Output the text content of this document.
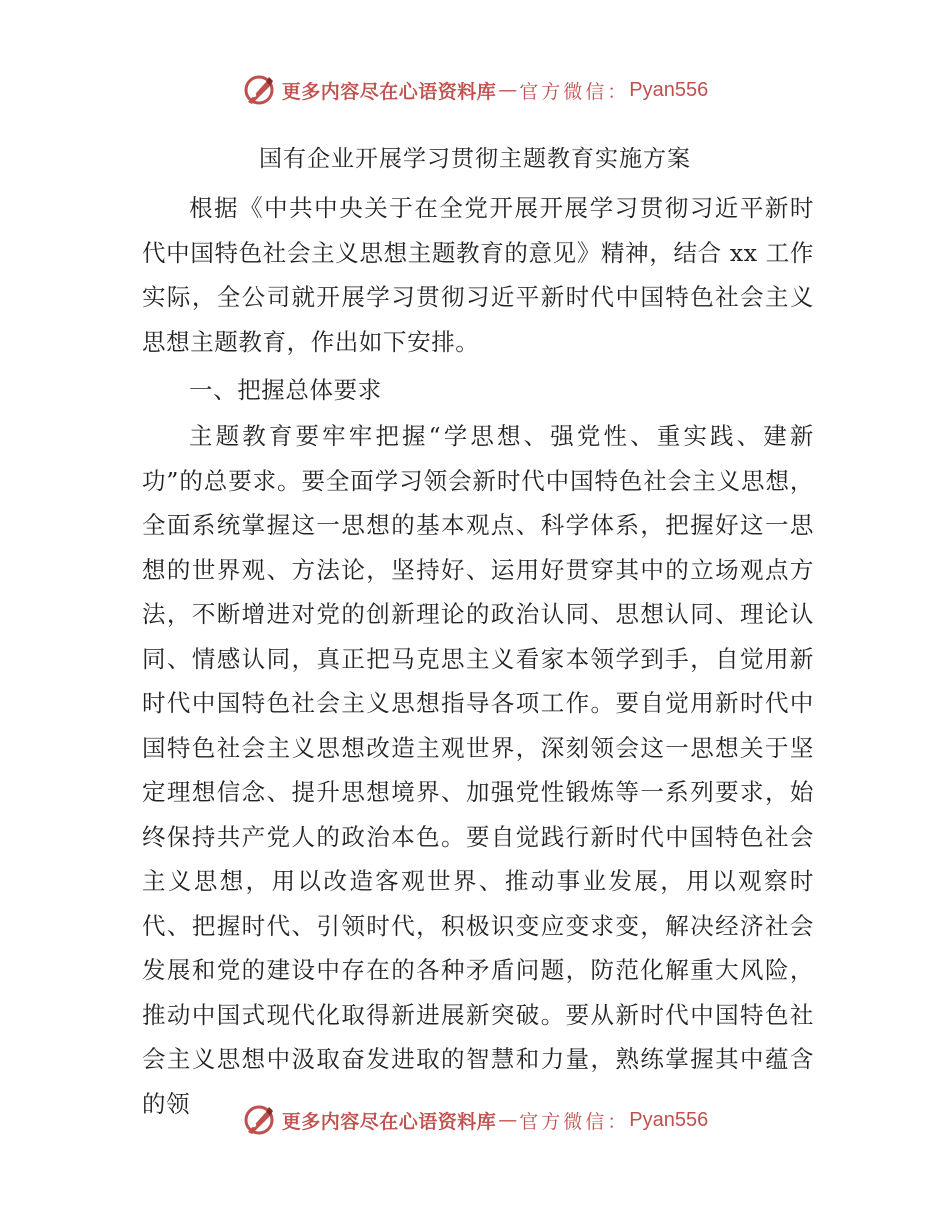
更多内容尽在心语资料库 — 官方微信： Pyan556
国有企业开展学习贯彻主题教育实施方案

根据《中共中央关于在全党开展开展学习贯彻习近平新时代中国特色社会主义思想主题教育的意见》精神，结合 xx 工作实际，全公司就开展学习贯彻习近平新时代中国特色社会主义思想主题教育，作出如下安排。

一、把握总体要求

主题教育要牢牢把握“学思想、强党性、重实践、建新功”的总要求。要全面学习领会新时代中国特色社会主义思想，全面系统掌握这一思想的基本观点、科学体系，把握好这一思想的世界观、方法论，坚持好、运用好贯穿其中的立场观点方法，不断增进对党的创新理论的政治认同、思想认同、理论认同、情感认同，真正把马克思主义看家本领学到手，自觉用新时代中国特色社会主义思想指导各项工作。要自觉用新时代中国特色社会主义思想改造主观世界，深刻领会这一思想关于坚定理想信念、提升思想境界、加强党性锻炼等一系列要求，始终保持共产党人的政治本色。要自觉践行新时代中国特色社会主义思想，用以改造客观世界、推动事业发展，用以观察时代、把握时代、引领时代，积极识变应变求变，解决经济社会发展和党的建设中存在的各种矛盾问题，防范化解重大风险，推动中国式现代化取得新进展新突破。要从新时代中国特色社会主义思想中汲取奋发进取的智慧和力量，熟练掌握其中蕴含的领

更多内容尽在心语资料库 — 官方微信： Pyan556
